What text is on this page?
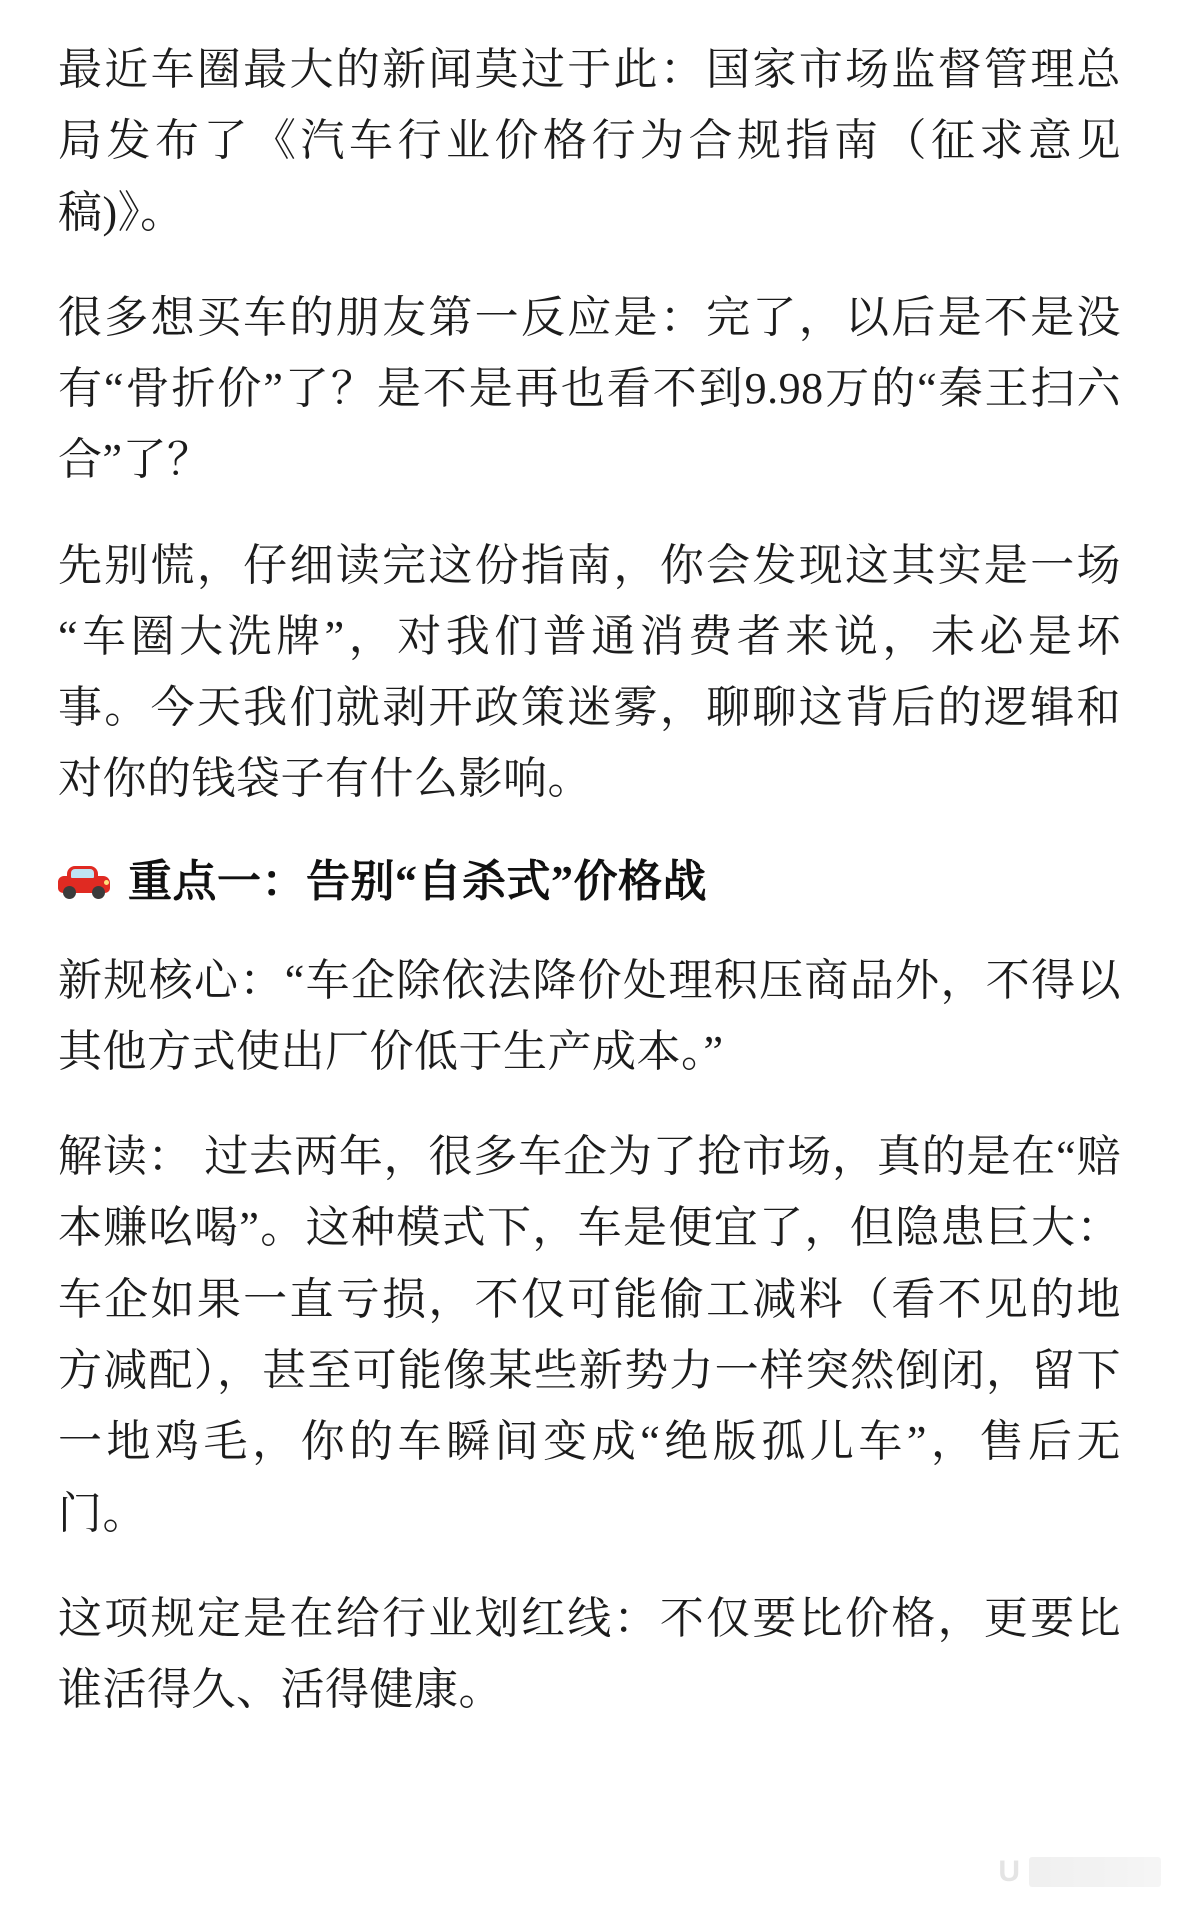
最近车圈最大的新闻莫过于此：国家市场监督管理总局发布了《汽车行业价格行为合规指南（征求意见稿)》。

很多想买车的朋友第一反应是：完了，以后是不是没有“骨折价”了？是不是再也看不到9.98万的“秦王扫六合”了？

先别慌，仔细读完这份指南，你会发现这其实是一场“车圈大洗牌”，对我们普通消费者来说，未必是坏事。今天我们就剥开政策迷雾，聊聊这背后的逻辑和对你的钱袋子有什么影响。

重点一：告别“自杀式”价格战

新规核心：“车企除依法降价处理积压商品外，不得以其他方式使出厂价低于生产成本。”

解读： 过去两年，很多车企为了抢市场，真的是在“赔本赚吆喝”。这种模式下，车是便宜了，但隐患巨大：车企如果一直亏损，不仅可能偷工减料（看不见的地方减配），甚至可能像某些新势力一样突然倒闭，留下一地鸡毛，你的车瞬间变成“绝版孤儿车”，售后无门。

这项规定是在给行业划红线：不仅要比价格，更要比谁活得久、活得健康。

U
